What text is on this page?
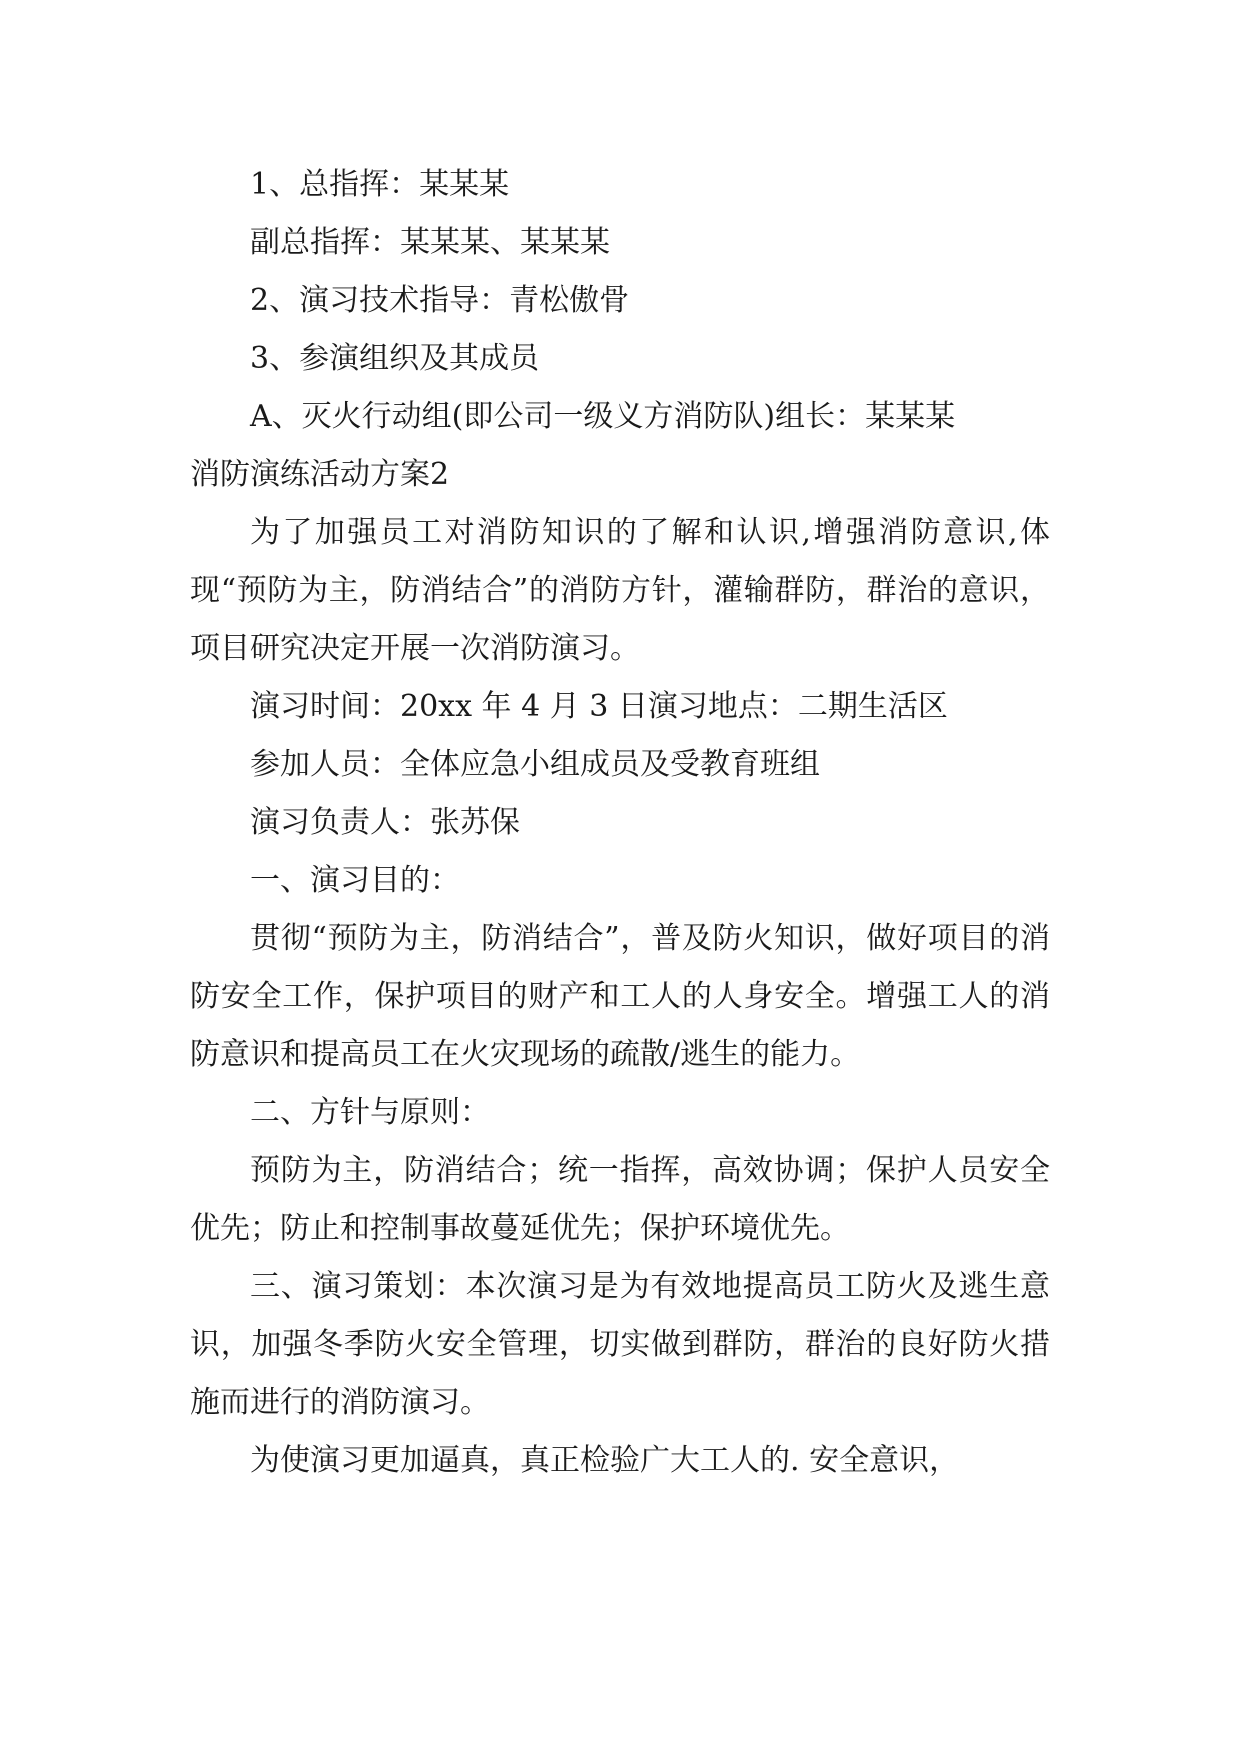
1、总指挥：某某某

副总指挥：某某某、某某某

2、演习技术指导：青松傲骨

3、参演组织及其成员

A、灭火行动组(即公司一级义方消防队)组长：某某某

消防演练活动方案2

为了加强员工对消防知识的了解和认识,增强消防意识,体现“预防为主，防消结合”的消防方针，灌输群防，群治的意识，项目研究决定开展一次消防演习。

演习时间：20xx 年 4 月 3 日演习地点：二期生活区

参加人员：全体应急小组成员及受教育班组

演习负责人：张苏保

一、演习目的：

贯彻“预防为主，防消结合”，普及防火知识，做好项目的消防安全工作，保护项目的财产和工人的人身安全。增强工人的消防意识和提高员工在火灾现场的疏散/逃生的能力。

二、方针与原则：

预防为主，防消结合；统一指挥，高效协调；保护人员安全优先；防止和控制事故蔓延优先；保护环境优先。

三、演习策划：本次演习是为有效地提高员工防火及逃生意识，加强冬季防火安全管理，切实做到群防，群治的良好防火措施而进行的消防演习。

为使演习更加逼真，真正检验广大工人的. 安全意识，
